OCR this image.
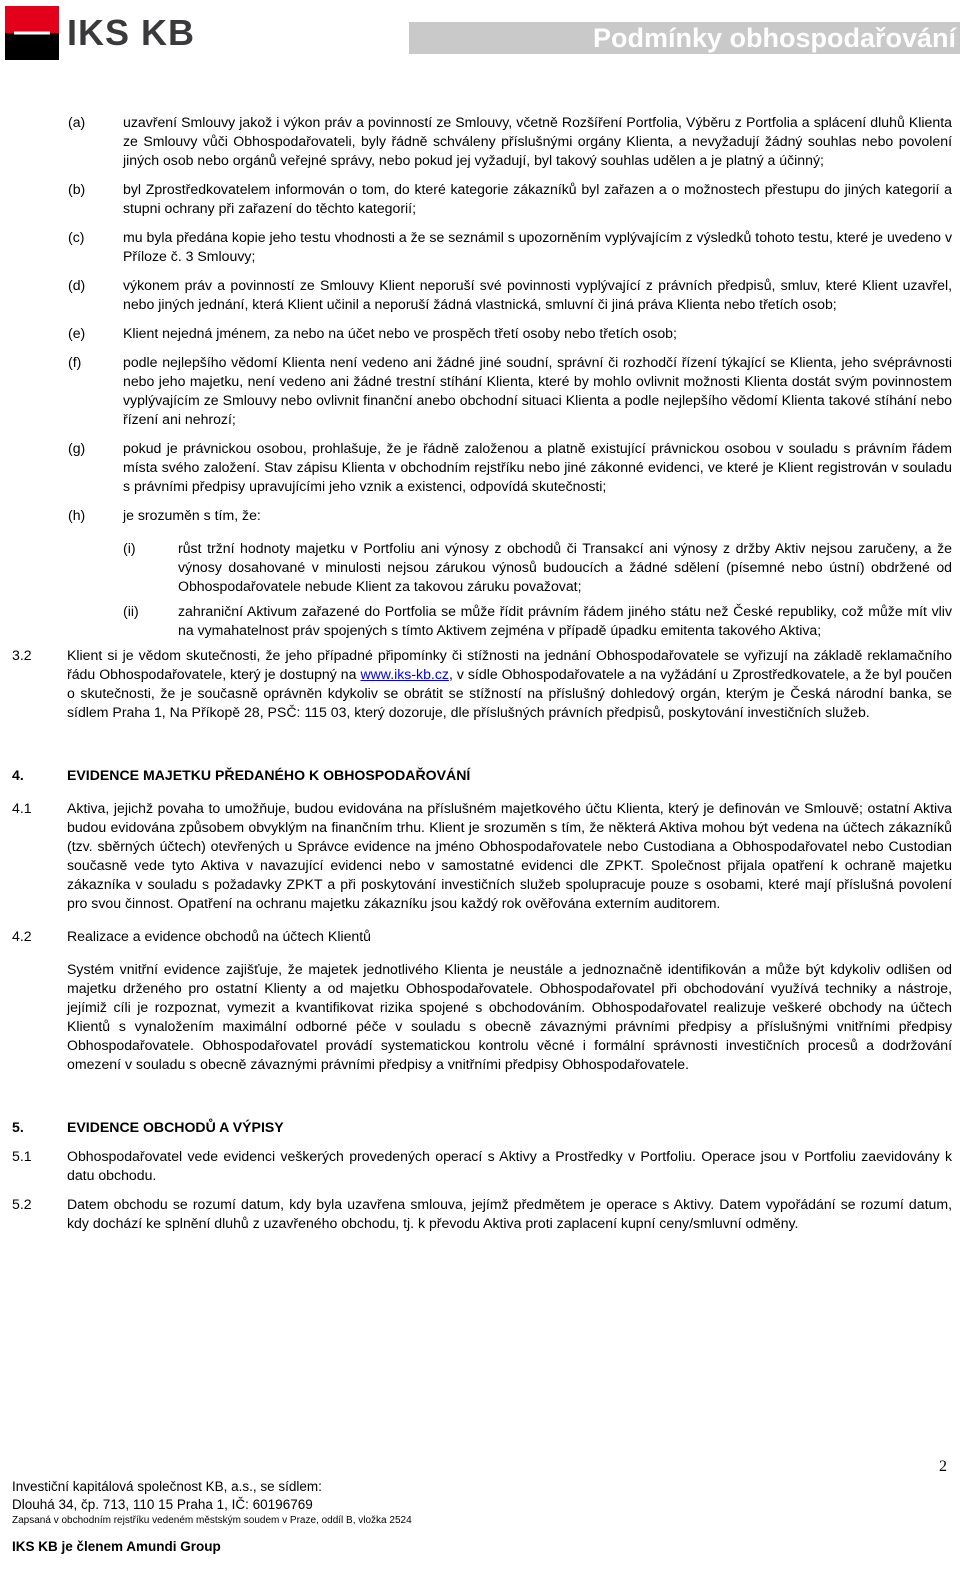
IKS KB	Podmínky obhospodařování
(a)	uzavření Smlouvy jakož i výkon práv a povinností ze Smlouvy, včetně Rozšíření Portfolia, Výběru z Portfolia a splácení dluhů Klienta ze Smlouvy vůči Obhospodařovateli, byly řádně schváleny příslušnými orgány Klienta, a nevyžadují žádný souhlas nebo povolení jiných osob nebo orgánů veřejné správy, nebo pokud jej vyžadují, byl takový souhlas udělen a je platný a účinný;
(b)	byl Zprostředkovatelem informován o tom, do které kategorie zákazníků byl zařazen a o možnostech přestupu do jiných kategorií a stupni ochrany při zařazení do těchto kategorií;
(c)	mu byla předána kopie jeho testu vhodnosti a že se seznámil s upozorněním vyplývajícím z výsledků tohoto testu, které je uvedeno v Příloze č. 3 Smlouvy;
(d)	výkonem práv a povinností ze Smlouvy Klient neporuší své povinnosti vyplývající z právních předpisů, smluv, které Klient uzavřel, nebo jiných jednání, která Klient učinil a neporuší žádná vlastnická, smluvní či jiná práva Klienta nebo třetích osob;
(e)	Klient nejedná jménem, za nebo na účet nebo ve prospěch třetí osoby nebo třetích osob;
(f)	podle nejlepšího vědomí Klienta není vedeno ani žádné jiné soudní, správní či rozhodčí řízení týkající se Klienta, jeho svéprávnosti nebo jeho majetku, není vedeno ani žádné trestní stíhání Klienta, které by mohlo ovlivnit možnosti Klienta dostát svým povinnostem vyplývajícím ze Smlouvy nebo ovlivnit finanční anebo obchodní situaci Klienta a podle nejlepšího vědomí Klienta takové stíhání nebo řízení ani nehrozí;
(g)	pokud je právnickou osobou, prohlašuje, že je řádně založenou a platně existující právnickou osobou v souladu s právním řádem místa svého založení. Stav zápisu Klienta v obchodním rejstříku nebo jiné zákonné evidenci, ve které je Klient registrován v souladu s právními předpisy upravujícími jeho vznik a existenci, odpovídá skutečnosti;
(h)	je srozuměn s tím, že:
(i)	růst tržní hodnoty majetku v Portfoliu ani výnosy z obchodů či Transakcí ani výnosy z držby Aktiv nejsou zaručeny, a že výnosy dosahované v minulosti nejsou zárukou výnosů budoucích a žádné sdělení (písemné nebo ústní) obdržené od Obhospodařovatele nebude Klient za takovou záruku považovat;
(ii)	zahraniční Aktivum zařazené do Portfolia se může řídit právním řádem jiného státu než České republiky, což může mít vliv na vymahatelnost práv spojených s tímto Aktivem zejména v případě úpadku emitenta takového Aktiva;
3.2	Klient si je vědom skutečnosti, že jeho případné připomínky či stížnosti na jednání Obhospodařovatele se vyřizují na základě reklamačního řádu Obhospodařovatele, který je dostupný na www.iks-kb.cz, v sídle Obhospodařovatele a na vyžádání u Zprostředkovatele, a že byl poučen o skutečnosti, že je současně oprávněn kdykoliv se obrátit se stížností na příslušný dohledový orgán, kterým je Česká národní banka, se sídlem Praha 1, Na Příkopě 28, PSČ: 115 03, který dozoruje, dle příslušných právních předpisů, poskytování investičních služeb.
4.	EVIDENCE MAJETKU PŘEDANÉHO K OBHOSPODAŘOVÁNÍ
4.1	Aktiva, jejichž povaha to umožňuje, budou evidována na příslušném majetkového účtu Klienta, který je definován ve Smlouvě; ostatní Aktiva budou evidována způsobem obvyklým na finančním trhu. Klient je srozuměn s tím, že některá Aktiva mohou být vedena na účtech zákazníků (tzv. sběrných účtech) otevřených u Správce evidence na jméno Obhospodařovatele nebo Custodiana a Obhospodařovatel nebo Custodian současně vede tyto Aktiva v navazující evidenci nebo v samostatné evidenci dle ZPKT. Společnost přijala opatření k ochraně majetku zákazníka v souladu s požadavky ZPKT a při poskytování investičních služeb spolupracuje pouze s osobami, které mají příslušná povolení pro svou činnost. Opatření na ochranu majetku zákazníku jsou každý rok ověřována externím auditorem.
4.2	Realizace a evidence obchodů na účtech Klientů
Systém vnitřní evidence zajišťuje, že majetek jednotlivého Klienta je neustále a jednoznačně identifikován a může být kdykoliv odlišen od majetku drženého pro ostatní Klienty a od majetku Obhospodařovatele. Obhospodařovatel při obchodování využívá techniky a nástroje, jejímiž cíli je rozpoznat, vymezit a kvantifikovat rizika spojené s obchodováním. Obhospodařovatel realizuje veškeré obchody na účtech Klientů s vynaložením maximální odborné péče v souladu s obecně závaznými právními předpisy a příslušnými vnitřními předpisy Obhospodařovatele. Obhospodařovatel provádí systematickou kontrolu věcné i formální správnosti investičních procesů a dodržování omezení v souladu s obecně závaznými právními předpisy a vnitřními předpisy Obhospodařovatele.
5.	EVIDENCE OBCHODŮ A VÝPISY
5.1	Obhospodařovatel vede evidenci veškerých provedených operací s Aktivy a Prostředky v Portfoliu. Operace jsou v Portfoliu zaevidovány k datu obchodu.
5.2	Datem obchodu se rozumí datum, kdy byla uzavřena smlouva, jejímž předmětem je operace s Aktivy. Datem vypořádání se rozumí datum, kdy dochází ke splnění dluhů z uzavřeného obchodu, tj. k převodu Aktiva proti zaplacení kupní ceny/smluvní odměny.
2
Investiční kapitálová společnost KB, a.s., se sídlem:
Dlouhá 34, čp. 713, 110 15 Praha 1, IČ: 60196769
Zapsaná v obchodním rejstříku vedeném městským soudem v Praze, oddíl B, vložka 2524
IKS KB je členem Amundi Group
